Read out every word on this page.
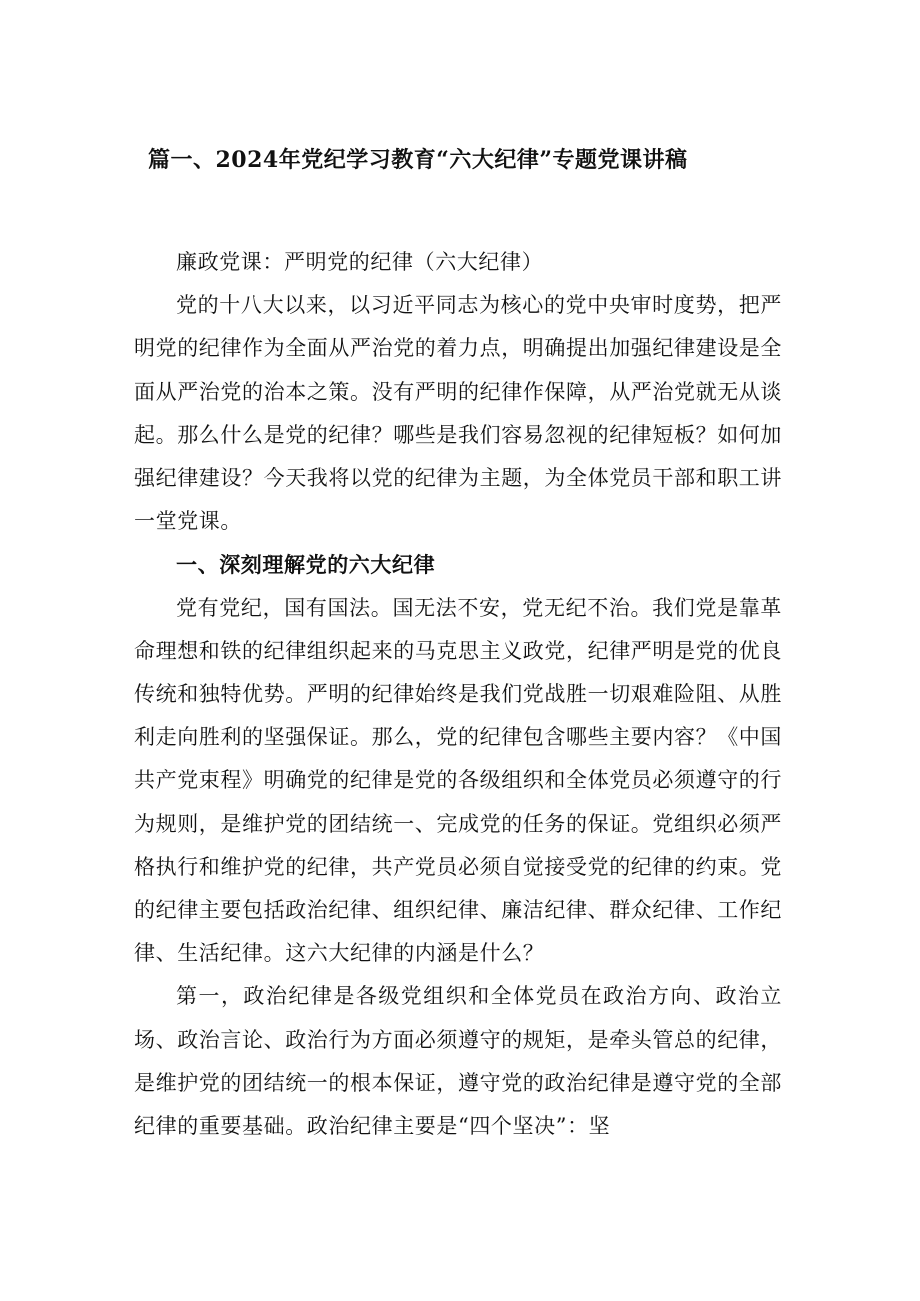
篇一、2024年党纪学习教育“六大纪律”专题党课讲稿

廉政党课：严明党的纪律（六大纪律）

党的十八大以来，以习近平同志为核心的党中央审时度势，把严明党的纪律作为全面从严治党的着力点，明确提出加强纪律建设是全面从严治党的治本之策。没有严明的纪律作保障，从严治党就无从谈起。那么什么是党的纪律？哪些是我们容易忽视的纪律短板？如何加强纪律建设？今天我将以党的纪律为主题，为全体党员干部和职工讲一堂党课。

一、深刻理解党的六大纪律

党有党纪，国有国法。国无法不安，党无纪不治。我们党是靠革命理想和铁的纪律组织起来的马克思主义政党，纪律严明是党的优良传统和独特优势。严明的纪律始终是我们党战胜一切艰难险阻、从胜利走向胜利的坚强保证。那么，党的纪律包含哪些主要内容？《中国共产党束程》明确党的纪律是党的各级组织和全体党员必须遵守的行为规则，是维护党的团结统一、完成党的任务的保证。党组织必须严格执行和维护党的纪律，共产党员必须自觉接受党的纪律的约束。党的纪律主要包括政治纪律、组织纪律、廉洁纪律、群众纪律、工作纪律、生活纪律。这六大纪律的内涵是什么？

第一，政治纪律是各级党组织和全体党员在政治方向、政治立场、政治言论、政治行为方面必须遵守的规矩，是牵头管总的纪律，是维护党的团结统一的根本保证，遵守党的政治纪律是遵守党的全部纪律的重要基础。政治纪律主要是“四个坚决”：坚
